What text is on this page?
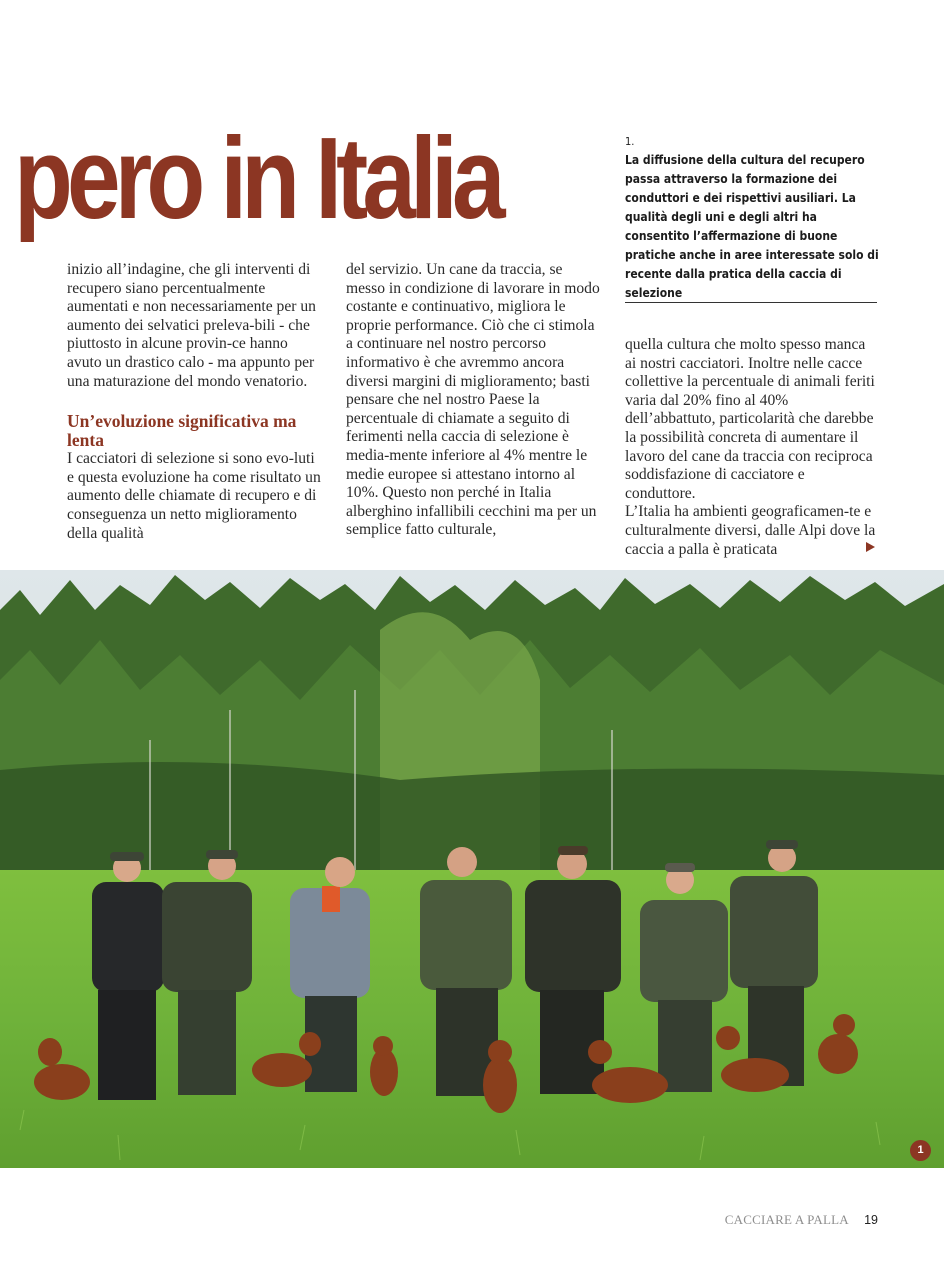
pero in Italia	1.
La diffusione della cultura del recupero passa attraverso la formazione dei conduttori e dei rispettivi ausiliari. La qualità degli uni e degli altri ha consentito l’affermazione di buone pratiche anche in aree interessate solo di recente dalla pratica della caccia di selezione

inizio all’indagine, che gli interventi di recupero siano percentualmente aumentati e non necessariamente per un aumento dei selvatici preleva-bili - che piuttosto in alcune provin-ce hanno avuto un drastico calo - ma appunto per una maturazione del mondo venatorio.

Un’evoluzione significativa ma lenta

I cacciatori di selezione si sono evo-luti e questa evoluzione ha come risultato un aumento delle chiamate di recupero e di conseguenza un netto miglioramento della qualità

del servizio. Un cane da traccia, se messo in condizione di lavorare in modo costante e continuativo, migliora le proprie performance. Ciò che ci stimola a continuare nel nostro percorso informativo è che avremmo ancora diversi margini di miglioramento; basti pensare che nel nostro Paese la percentuale di chiamate a seguito di ferimenti nella caccia di selezione è media-mente inferiore al 4% mentre le medie europee si attestano intorno al 10%. Questo non perché in Italia alberghino infallibili cecchini ma per un semplice fatto culturale,

quella cultura che molto spesso manca ai nostri cacciatori. Inoltre nelle cacce collettive la percentuale di animali feriti varia dal 20% fino al 40% dell’abbattuto, particolarità che darebbe la possibilità concreta di aumentare il lavoro del cane da traccia con reciproca soddisfazione di cacciatore e conduttore.

L’Italia ha ambienti geograficamen-te e culturalmente diversi, dalle Alpi dove la caccia a palla è praticata

1
CACCIARE A PALLA 19
